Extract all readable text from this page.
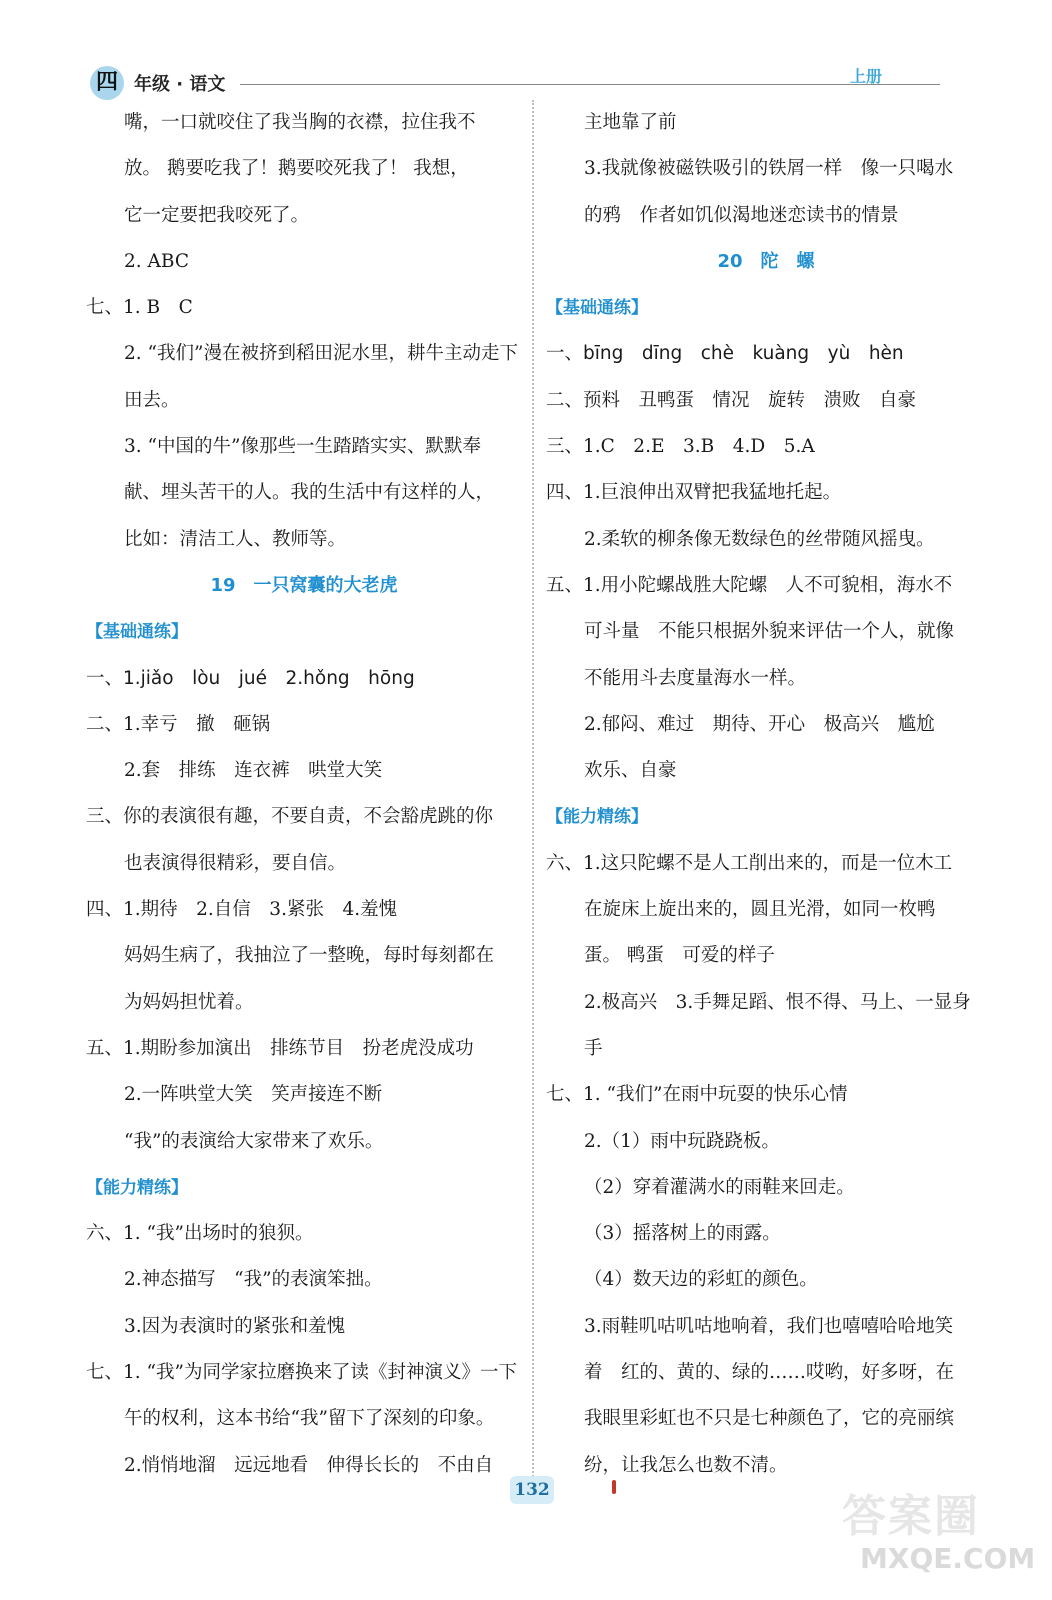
四 年级 · 语文	上册
嘴，一口就咬住了我当胸的衣襟，拉住我不
放。 鹅要吃我了！鹅要咬死我了！ 我想，
它一定要把我咬死了。
2. ABC
七、1. B　C
2. “我们”漫在被挤到稻田泥水里，耕牛主动走下
田去。
3. “中国的牛”像那些一生踏踏实实、默默奉
献、埋头苦干的人。我的生活中有这样的人，
比如：清洁工人、教师等。
19　一只窝囊的大老虎
【基础通练】
一、1.jiǎo　lòu　jué　2.hǒng　hōng
二、1.幸亏　撤　砸锅
2.套　排练　连衣裤　哄堂大笑
三、你的表演很有趣，不要自责，不会豁虎跳的你
也表演得很精彩，要自信。
四、1.期待　2.自信　3.紧张　4.羞愧
妈妈生病了，我抽泣了一整晚，每时每刻都在
为妈妈担忧着。
五、1.期盼参加演出　排练节目　扮老虎没成功
2.一阵哄堂大笑　笑声接连不断
“我”的表演给大家带来了欢乐。
【能力精练】
六、1. “我”出场时的狼狈。
2.神态描写　“我”的表演笨拙。
3.因为表演时的紧张和羞愧
七、1. “我”为同学家拉磨换来了读《封神演义》一下
午的权利，这本书给“我”留下了深刻的印象。
2.悄悄地溜　远远地看　伸得长长的　不由自
主地靠了前
3.我就像被磁铁吸引的铁屑一样　像一只喝水
的鸦　作者如饥似渴地迷恋读书的情景
20　陀　螺
【基础通练】
一、bīng　dīng　chè　kuàng　yù　hèn
二、预料　丑鸭蛋　情况　旋转　溃败　自豪
三、1.C　2.E　3.B　4.D　5.A
四、1.巨浪伸出双臂把我猛地托起。
2.柔软的柳条像无数绿色的丝带随风摇曳。
五、1.用小陀螺战胜大陀螺　人不可貌相，海水不
可斗量　不能只根据外貌来评估一个人，就像
不能用斗去度量海水一样。
2.郁闷、难过　期待、开心　极高兴　尴尬
欢乐、自豪
【能力精练】
六、1.这只陀螺不是人工削出来的，而是一位木工
在旋床上旋出来的，圆且光滑，如同一枚鸭
蛋。 鸭蛋　可爱的样子
2.极高兴　3.手舞足蹈、恨不得、马上、一显身
手
七、1. “我们”在雨中玩耍的快乐心情
2.（1）雨中玩跷跷板。
（2）穿着灌满水的雨鞋来回走。
（3）摇落树上的雨露。
（4）数天边的彩虹的颜色。
3.雨鞋叽咕叽咕地响着，我们也嘻嘻哈哈地笑
着　红的、黄的、绿的……哎哟，好多呀，在
我眼里彩虹也不只是七种颜色了，它的亮丽缤
纷，让我怎么也数不清。
132
答案圈
MXQE.COM
